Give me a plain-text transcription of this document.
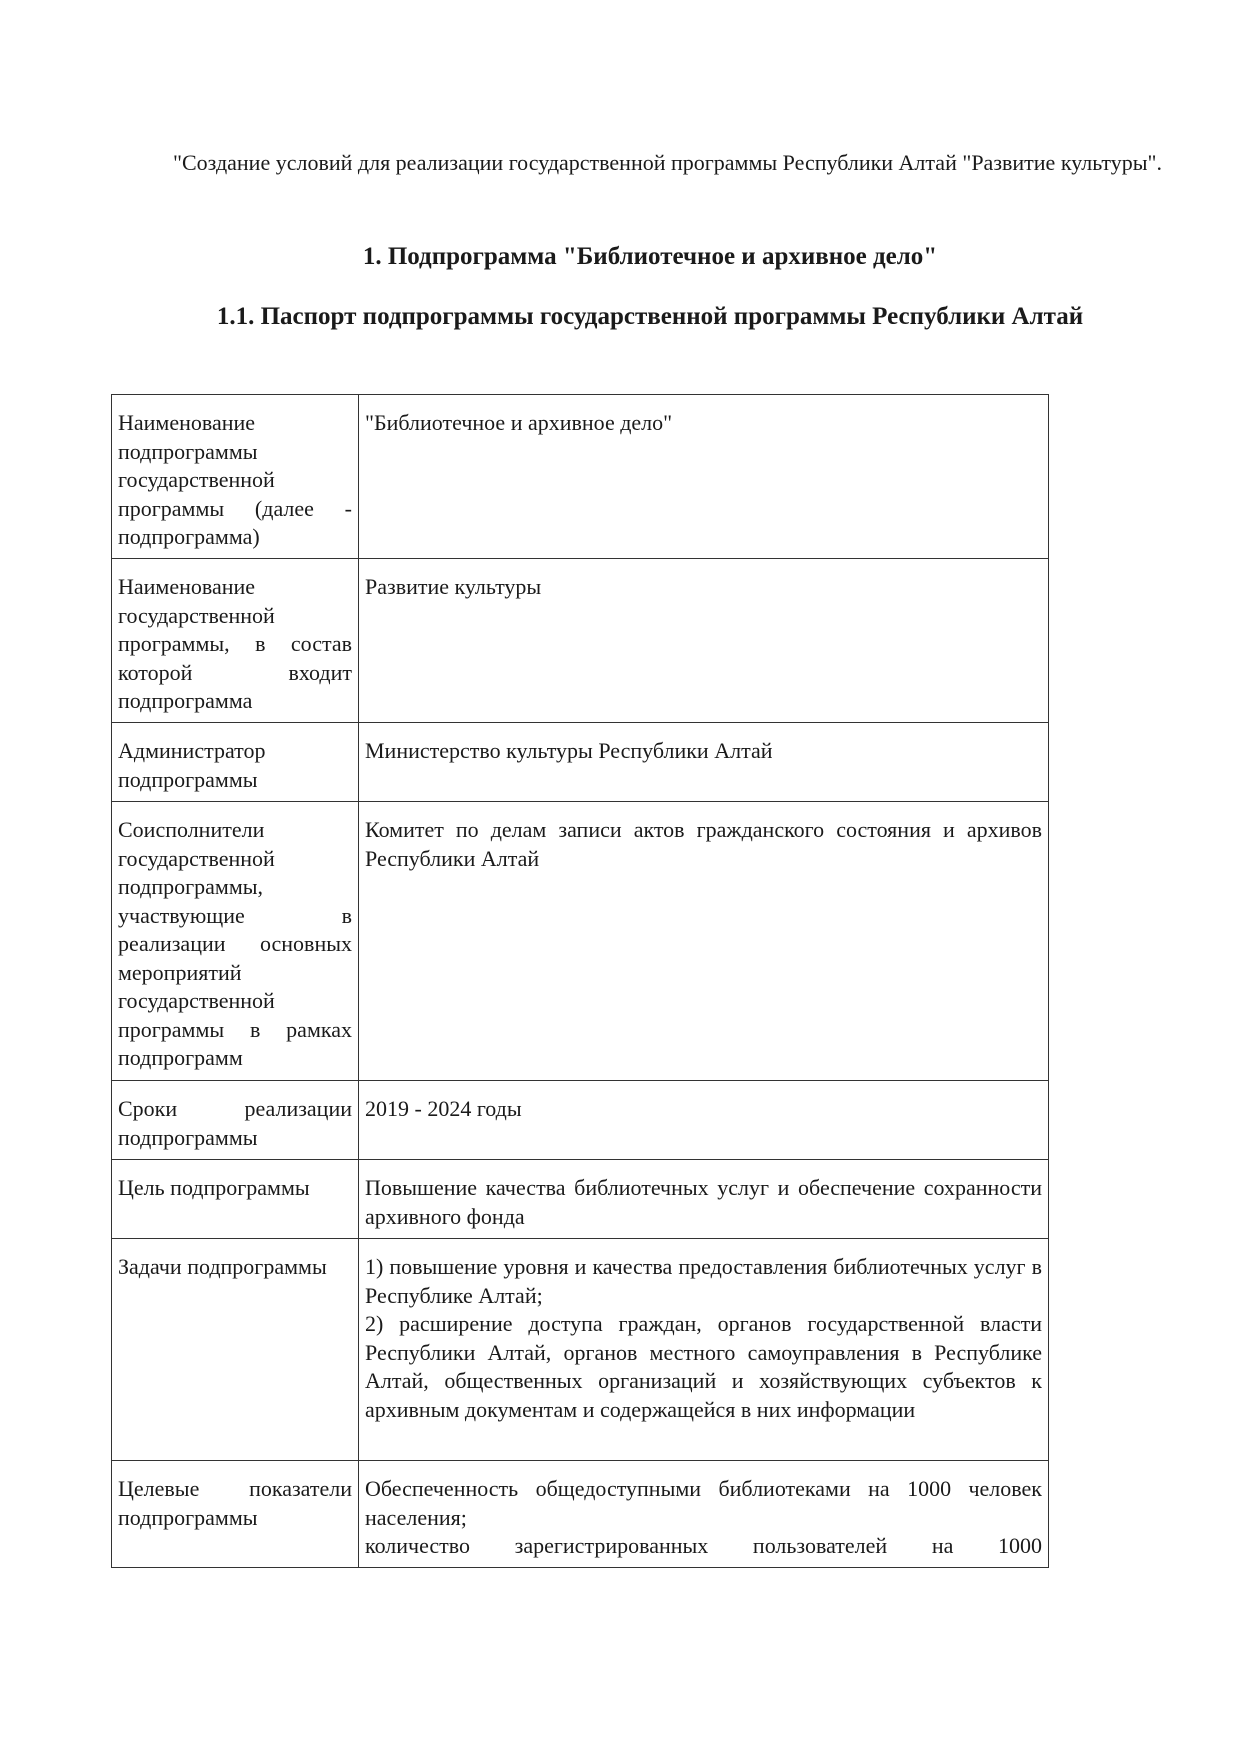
"Создание условий для реализации государственной программы Республики Алтай "Развитие культуры".

1. Подпрограмма "Библиотечное и архивное дело"
1.1. Паспорт подпрограммы государственной программы Республики Алтай
Наименование подпрограммы государственной программы (далее - подпрограмма)	"Библиотечное и архивное дело"
Наименование государственной программы, в состав которой входит подпрограмма	Развитие культуры
Администратор подпрограммы	Министерство культуры Республики Алтай
Соисполнители государственной подпрограммы, участвующие в реализации основных мероприятий государственной программы в рамках подпрограмм	Комитет по делам записи актов гражданского состояния и архивов Республики Алтай
Сроки реализации подпрограммы	2019 - 2024 годы
Цель подпрограммы	Повышение качества библиотечных услуг и обеспечение сохранности архивного фонда
Задачи подпрограммы	1) повышение уровня и качества предоставления библиотечных услуг в Республике Алтай;
2) расширение доступа граждан, органов государственной власти Республики Алтай, органов местного самоуправления в Республике Алтай, общественных организаций и хозяйствующих субъектов к архивным документам и содержащейся в них информации

Целевые показатели подпрограммы	Обеспеченность общедоступными библиотеками на 1000 человек населения;
количество зарегистрированных пользователей на 1000
